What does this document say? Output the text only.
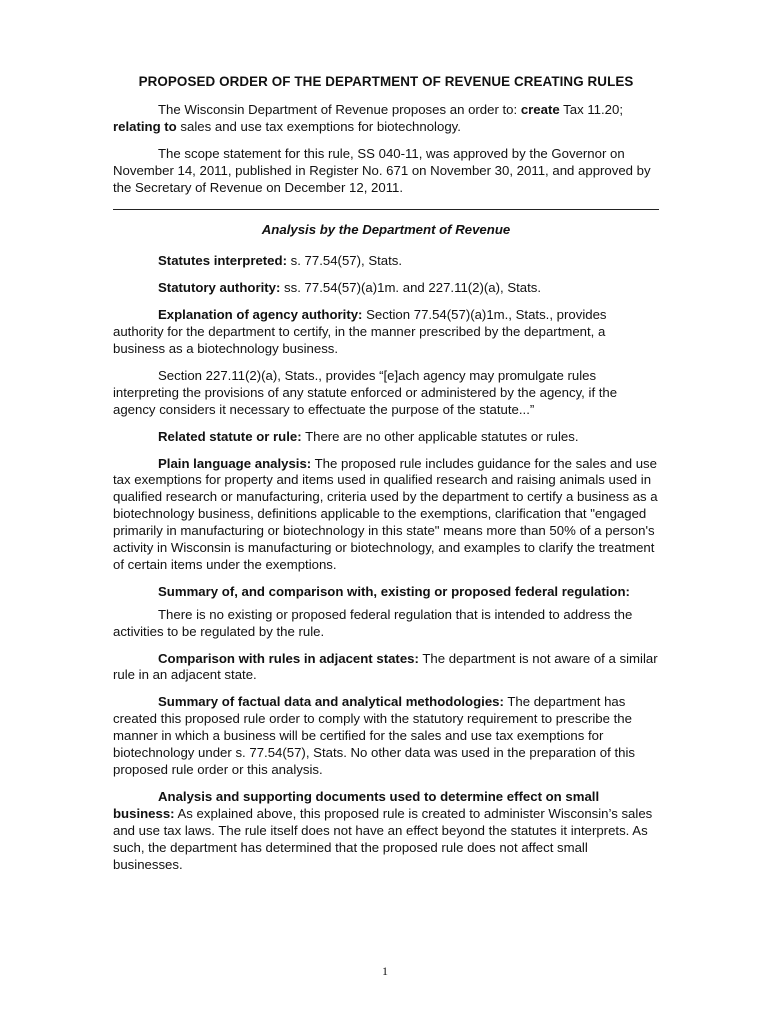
PROPOSED ORDER OF THE DEPARTMENT OF REVENUE CREATING RULES

The Wisconsin Department of Revenue proposes an order to: create Tax 11.20; relating to sales and use tax exemptions for biotechnology.

The scope statement for this rule, SS 040-11, was approved by the Governor on November 14, 2011, published in Register No. 671 on November 30, 2011, and approved by the Secretary of Revenue on December 12, 2011.

Analysis by the Department of Revenue

Statutes interpreted: s. 77.54(57), Stats.

Statutory authority: ss. 77.54(57)(a)1m. and 227.11(2)(a), Stats.

Explanation of agency authority: Section 77.54(57)(a)1m., Stats., provides authority for the department to certify, in the manner prescribed by the department, a business as a biotechnology business.

Section 227.11(2)(a), Stats., provides “[e]ach agency may promulgate rules interpreting the provisions of any statute enforced or administered by the agency, if the agency considers it necessary to effectuate the purpose of the statute...”

Related statute or rule: There are no other applicable statutes or rules.

Plain language analysis: The proposed rule includes guidance for the sales and use tax exemptions for property and items used in qualified research and raising animals used in qualified research or manufacturing, criteria used by the department to certify a business as a biotechnology business, definitions applicable to the exemptions, clarification that "engaged primarily in manufacturing or biotechnology in this state" means more than 50% of a person's activity in Wisconsin is manufacturing or biotechnology, and examples to clarify the treatment of certain items under the exemptions.

Summary of, and comparison with, existing or proposed federal regulation:

There is no existing or proposed federal regulation that is intended to address the activities to be regulated by the rule.

Comparison with rules in adjacent states: The department is not aware of a similar rule in an adjacent state.

Summary of factual data and analytical methodologies: The department has created this proposed rule order to comply with the statutory requirement to prescribe the manner in which a business will be certified for the sales and use tax exemptions for biotechnology under s. 77.54(57), Stats. No other data was used in the preparation of this proposed rule order or this analysis.

Analysis and supporting documents used to determine effect on small business: As explained above, this proposed rule is created to administer Wisconsin’s sales and use tax laws. The rule itself does not have an effect beyond the statutes it interprets. As such, the department has determined that the proposed rule does not affect small businesses.

1
